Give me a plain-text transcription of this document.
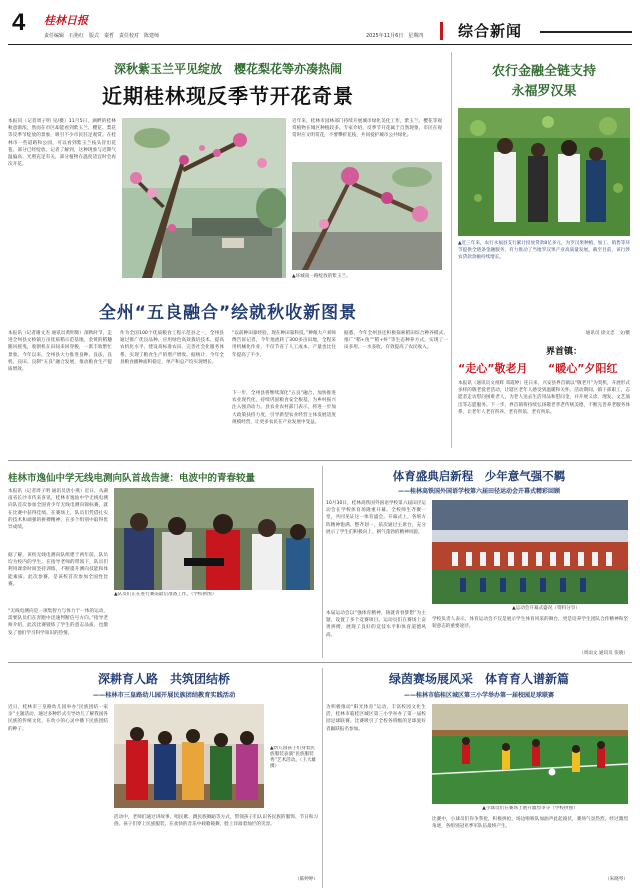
4 桂林日报
责任编辑　石艳红　版式　秦哲　责任校对　陈建师	2025年11月6日　星期四 综合新闻
深秋紫玉兰平见绽放　樱花梨花等亦凑热闹
近期桂林现反季节开花奇景
本报讯（记者周子明 见/摄）11月5日，漓畔的桂林秋意渐浓，然而在市区却能看到紫玉兰、樱花、梨花等反季节绽放的景象，吸引不少市民驻足观赏。在桂林市一些道路和公园，可以看到紫玉兰枝头冒出花苞，部分已经绽放。记者了解到，这种现象与近期气温偏高、光照充足有关，部分植物在温度适宜时会再次开花。
▲环城南一路绽放的紫玉兰。
近年来，桂林市园林部门持续开展城市绿化美化工作，紫玉兰、樱花等观赏植物在城区种植较多。专家介绍，反季节开花属于自然现象，市民在观赏时应文明赏花，不要攀折花枝，共同爱护城市公共绿化。
农行金融全链支持
永福罗汉果
▲近三年来，农行永福县支行累计投放贷款8亿多元，为罗汉果种植、加工、销售等环节提供全链条金融服务，有力推动了当地罗汉果产业高质量发展。截至目前，该行涉农贷款余额持续增长。
通讯员 徐文忠　文/摄
全州“五良融合”绘就秋收新图景
本报讯（记者谢文杰 通讯员黄明辉）深秋时节，走进全州县文桥镇万亩优质稻示范基地，金黄的稻穗随风摇曳，收割机在田间来回穿梭，一派丰收繁忙景象。今年以来，全州县大力推进良种、良法、良机、良田、良制“五良”融合发展，推动粮食生产提质增效。
作为全国100个优质粮食工程示范县之一，全州县通过推广优良品种、应用绿色高效栽培技术、提高农机化水平、建设高标准农田、完善社会化服务体系，实现了粮食生产的增产增收。据统计，今年全县粮食播种面积稳定，单产和总产均实现增长。
“以前种田靠经验，现在种田靠科技。”种粮大户刘师傅告诉记者，今年他流转了300多亩田地，全程采用机械化作业，不仅节省了人工成本，产量也比往年提高了不少。
下一步，全州县将继续深化“五良”融合，加快推进农业现代化，持续巩固粮食安全根基，为乡村振兴注入强劲动力。县农业农村部门表示，将进一步加大政策扶持力度，引导新型农业经营主体发展适度规模经营，让更多农民在产业发展中受益。
据悉，今年全州县还积极探索稻田综合种养模式，推广“稻+鱼”“稻+虾”等生态种养方式，实现了一田多用、一水多收，有效提高了农民收入。	界首镇：
“走心”敬老月 “暖心”夕阳红
本报讯（通讯员文祖辉 邓霞婷）连日来，兴安县界首镇以“敬老月”为契机，开展形式多样的敬老爱老活动，让辖区老年人感受到温暖和关怀。活动期间，镇干部职工、志愿者走访慰问困难老人，为老人送去生活用品和慰问金，并开展义诊、理发、文艺演出等志愿服务。下一步，界首镇将持续弘扬敬老孝老传统美德，不断完善养老服务体系，让老年人老有所养、老有所依、老有所乐。
桂林市逸仙中学无线电测向队首战告捷：电波中的青春较量
本报讯（记者周子明 通讯员唐小燕）近日，从湖南省长沙市传来喜讯，桂林市逸仙中学无线电测向队首次参加全国青少年无线电测向锦标赛，就在比赛中获得佳绩。在赛场上，队员们凭借扎实的技术和顽强的拼搏精神，在多个组别中取得优异成绩。
据了解，该校无线电测向队组建于两年前，队员均为校内的学生。在指导老师的带领下，队员们利用课余时间坚持训练，不断提升测向技能和体能素质。此次参赛，是该校首次参加全国性比赛。
“无线电测向是一项集智力与体力于一体的运动，需要队员们在奔跑中迅速判断信号方向。”指导老师介绍，此次比赛锻炼了学生的意志品质，也激发了他们学习科学知识的热情。
▲队员们正在进行赛前最后准备工作。（学校供图）
体育盛典启新程　少年意气强不羁
——桂林高铁国外国语学校第六届田径运动会开幕式精彩回顾
10月30日，桂林高铁国外国语学校第六届田径运动会在学校体育场隆重开幕。全校师生齐聚一堂，共同见证这一体育盛会。开幕式上，各班方阵精神饱满、整齐划一，依次通过主席台，充分展示了学生们积极向上、朝气蓬勃的精神风貌。
▲运动会开幕式盛况（资料分享）
本届运动会以“强体育精神，铸就青春梦想”为主题，设置了多个竞赛项目。运动员们在赛场上奋勇拼搏，展现了良好的竞技水平和体育道德风尚。
学校负责人表示，体育运动会不仅是展示学生体育风采的舞台，更是培养学生团队合作精神和坚韧意志的重要途径。
（周雨文 通讯员 张晓）
深耕育人路　共筑团结桥
——桂林市三皇路幼儿园开展民族团结教育实践活动
近日，桂林市三皇路幼儿园举办“民族团结一家亲”主题活动，通过多种形式引导幼儿了解我国各民族的传统文化，在幼小的心灵中播下民族团结的种子。
▲幼儿园孩子们身着民族服装表演“民族服装秀”艺术活动。（王大雄 摄）
活动中，老师们通过讲故事、唱民歌、跳民族舞蹈等方式，带领孩子们认识各民族的服饰、节日和习俗。孩子们穿上民族服装，在欢快的音乐中载歌载舞，脸上洋溢着灿烂的笑容。
（陈婷婷）
绿茵赛场展风采　体育育人谱新篇
——桂林市临桂区城区第三小学举办第一届校园足球联赛
为积极推动“阳光体育”运动，丰富校园文化生活，桂林市临桂区城区第三小学举办了第一届校园足球联赛。比赛吸引了全校各班级的足球爱好者踊跃报名参加。
▲小球员们在赛场上展开激烈争夺（学校供图）
比赛中，小球员们你争我抢，积极拼抢，场边啦啦队加油声此起彼伏，赛场气氛热烈。经过激烈角逐，各组别冠亚季军队伍最终产生。
（朱晓琴）
